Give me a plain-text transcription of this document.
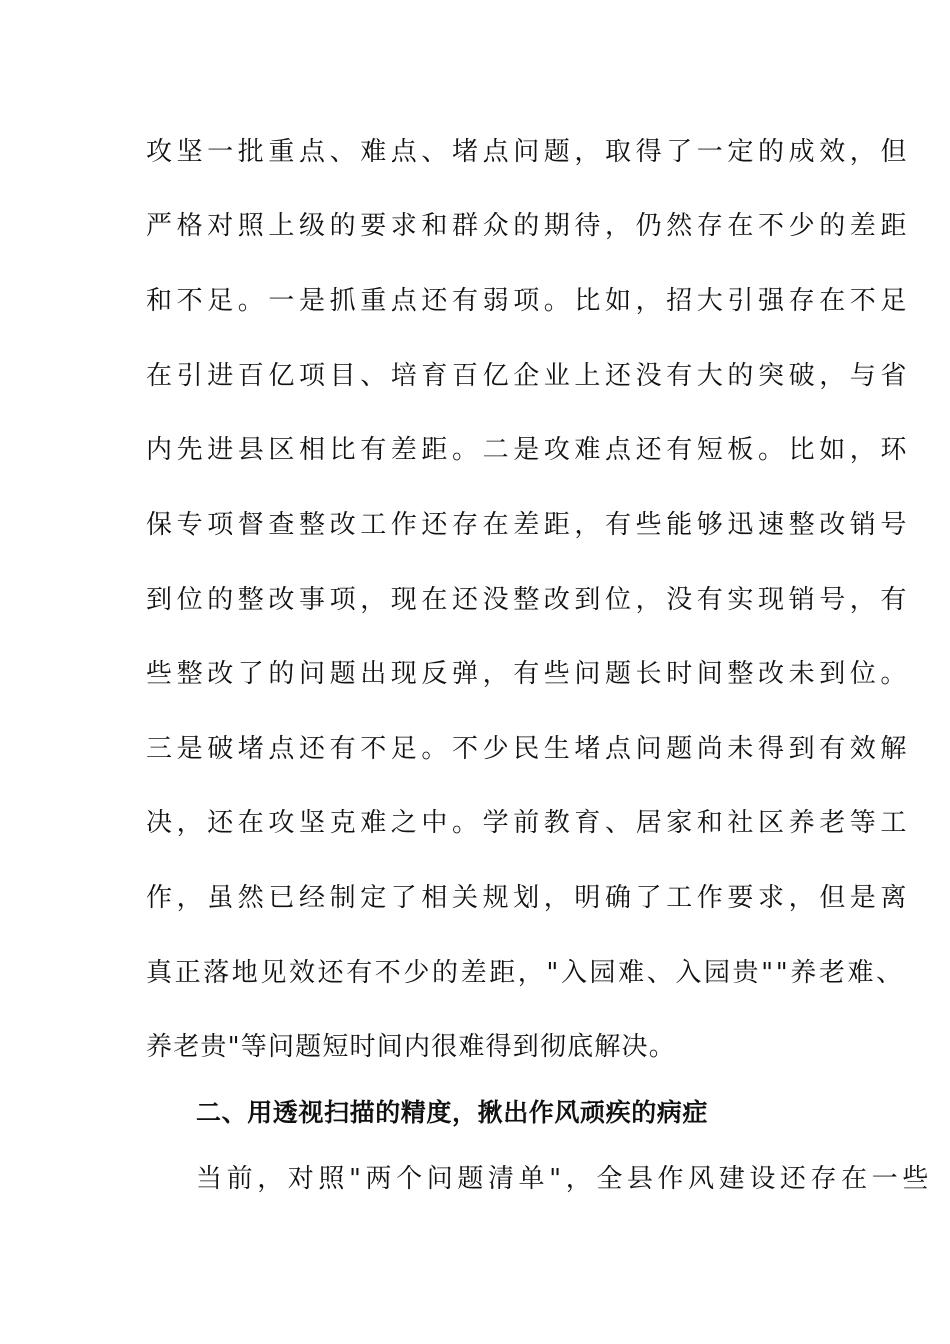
攻坚一批重点、难点、堵点问题，取得了一定的成效，但
严格对照上级的要求和群众的期待，仍然存在不少的差距
和不足。一是抓重点还有弱项。比如，招大引强存在不足
在引进百亿项目、培育百亿企业上还没有大的突破，与省
内先进县区相比有差距。二是攻难点还有短板。比如，环
保专项督查整改工作还存在差距，有些能够迅速整改销号
到位的整改事项，现在还没整改到位，没有实现销号，有
些整改了的问题出现反弹，有些问题长时间整改未到位。
三是破堵点还有不足。不少民生堵点问题尚未得到有效解
决，还在攻坚克难之中。学前教育、居家和社区养老等工
作，虽然已经制定了相关规划，明确了工作要求，但是离
真正落地见效还有不少的差距，"入园难、入园贵""养老难、
养老贵"等问题短时间内很难得到彻底解决。
二、用透视扫描的精度，揪出作风顽疾的病症
当前，对照"两个问题清单"，全县作风建设还存在一些
